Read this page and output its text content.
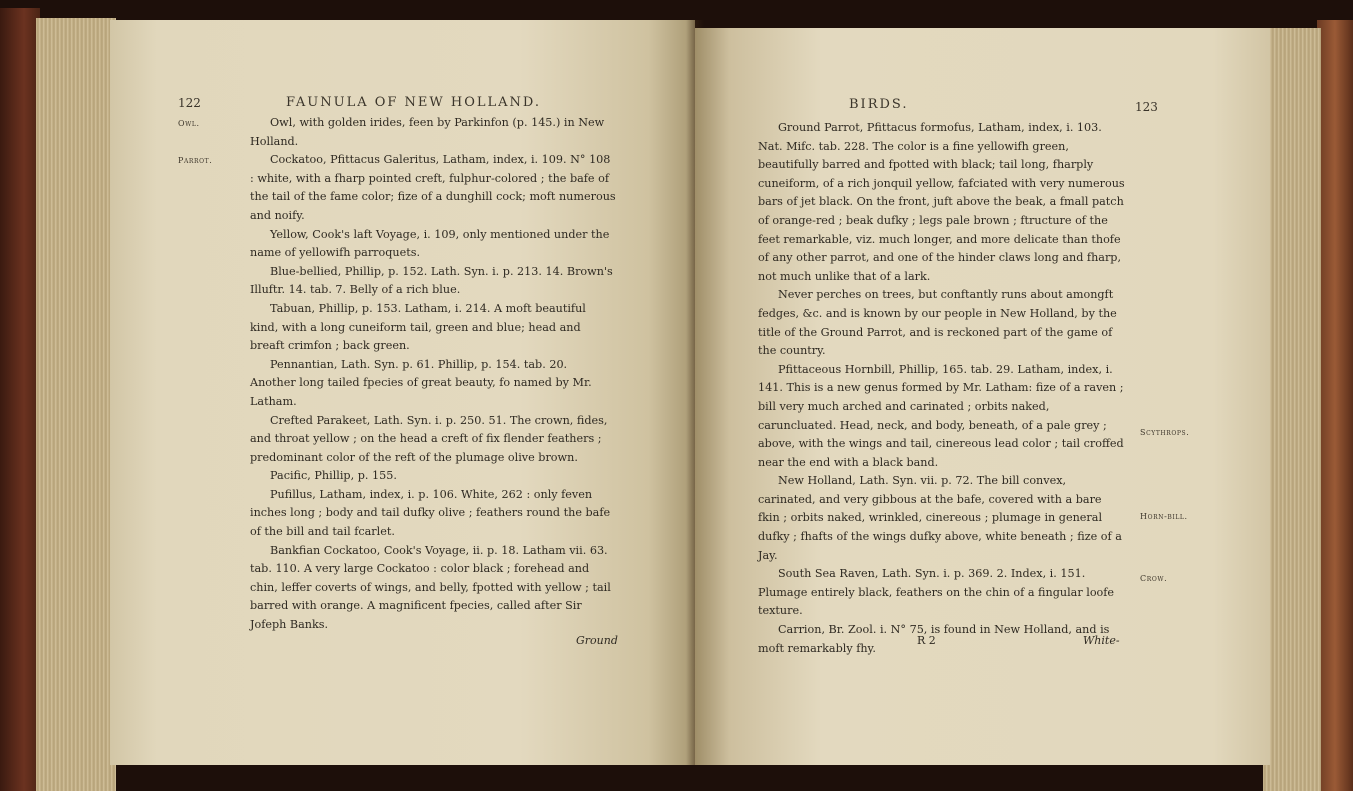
122	FAUNULA OF NEW HOLLAND.
Owl.
Parrot.

Owl, with golden irides, feen by Parkinfon (p. 145.) in New Holland.

Cockatoo, Pfittacus Galeritus, Latham, index, i. 109. N° 108 : white, with a fharp pointed creft, fulphur-colored ; the bafe of the tail of the fame color; fize of a dunghill cock; moft numerous and noify.

Yellow, Cook's laft Voyage, i. 109, only mentioned under the name of yellowifh parroquets.

Blue-bellied, Phillip, p. 152. Lath. Syn. i. p. 213. 14. Brown's Illuftr. 14. tab. 7. Belly of a rich blue.

Tabuan, Phillip, p. 153. Latham, i. 214. A moft beautiful kind, with a long cuneiform tail, green and blue; head and breaft crimfon ; back green.

Pennantian, Lath. Syn. p. 61. Phillip, p. 154. tab. 20. Another long tailed fpecies of great beauty, fo named by Mr. Latham.

Crefted Parakeet, Lath. Syn. i. p. 250. 51. The crown, fides, and throat yellow ; on the head a creft of fix flender feathers ; predominant color of the reft of the plumage olive brown.

Pacific, Phillip, p. 155.

Pufillus, Latham, index, i. p. 106. White, 262 : only feven inches long ; body and tail dufky olive ; feathers round the bafe of the bill and tail fcarlet.

Bankfian Cockatoo, Cook's Voyage, ii. p. 18. Latham vii. 63. tab. 110. A very large Cockatoo : color black ; forehead and chin, leffer coverts of wings, and belly, fpotted with yellow ; tail barred with orange. A magnificent fpecies, called after Sir Jofeph Banks.

Ground
BIRDS.	123
Scythrops.
Horn-bill.
Crow.

Ground Parrot, Pfittacus formofus, Latham, index, i. 103. Nat. Mifc. tab. 228. The color is a fine yellowifh green, beautifully barred and fpotted with black; tail long, fharply cuneiform, of a rich jonquil yellow, fafciated with very numerous bars of jet black. On the front, juft above the beak, a fmall patch of orange-red ; beak dufky ; legs pale brown ; ftructure of the feet remarkable, viz. much longer, and more delicate than thofe of any other parrot, and one of the hinder claws long and fharp, not much unlike that of a lark.

Never perches on trees, but conftantly runs about amongft fedges, &c. and is known by our people in New Holland, by the title of the Ground Parrot, and is reckoned part of the game of the country.

Pfittaceous Hornbill, Phillip, 165. tab. 29. Latham, index, i. 141. This is a new genus formed by Mr. Latham: fize of a raven ; bill very much arched and carinated ; orbits naked, caruncluated. Head, neck, and body, beneath, of a pale grey ; above, with the wings and tail, cinereous lead color ; tail croffed near the end with a black band.

New Holland, Lath. Syn. vii. p. 72. The bill convex, carinated, and very gibbous at the bafe, covered with a bare fkin ; orbits naked, wrinkled, cinereous ; plumage in general dufky ; fhafts of the wings dufky above, white beneath ; fize of a Jay.

South Sea Raven, Lath. Syn. i. p. 369. 2. Index, i. 151. Plumage entirely black, feathers on the chin of a fingular loofe texture.

Carrion, Br. Zool. i. N° 75, is found in New Holland, and is moft remarkably fhy.

R 2	White-
